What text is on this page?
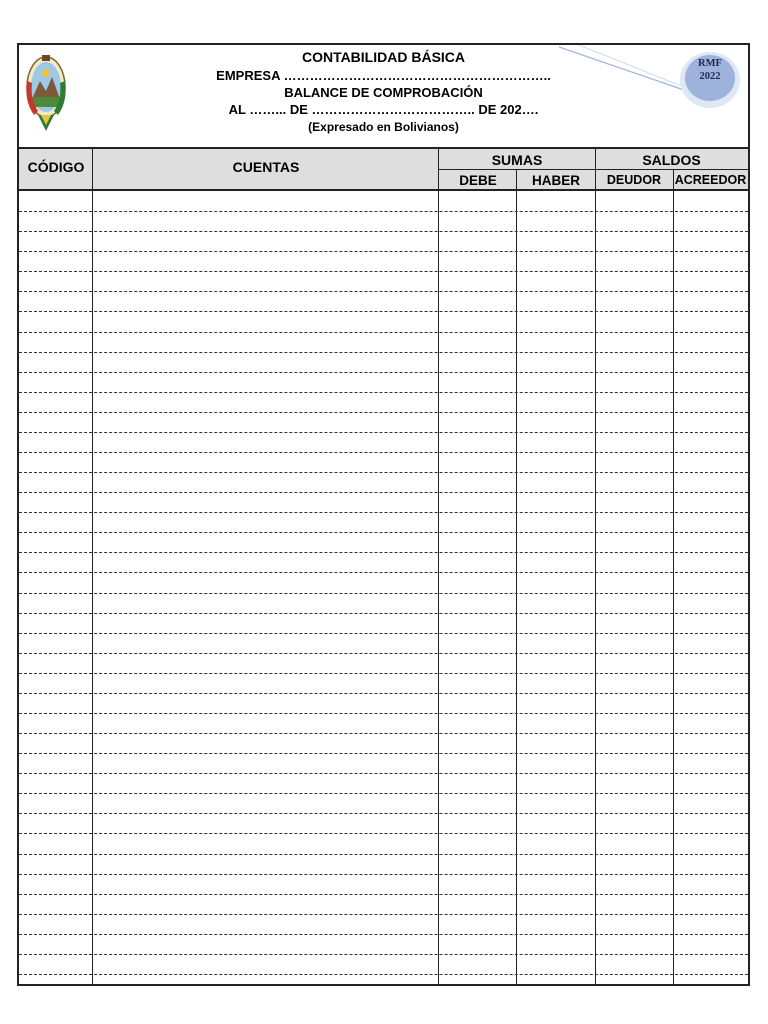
CONTABILIDAD BÁSICA
EMPRESA ……………………………………………………..
BALANCE DE COMPROBACIÓN
AL ……... DE ……………………………….. DE 202….
(Expresado en Bolivianos)
RMF
2022
CÓDIGO	CUENTAS	SUMAS	SALDOS
DEBE	HABER	DEUDOR	ACREEDOR
